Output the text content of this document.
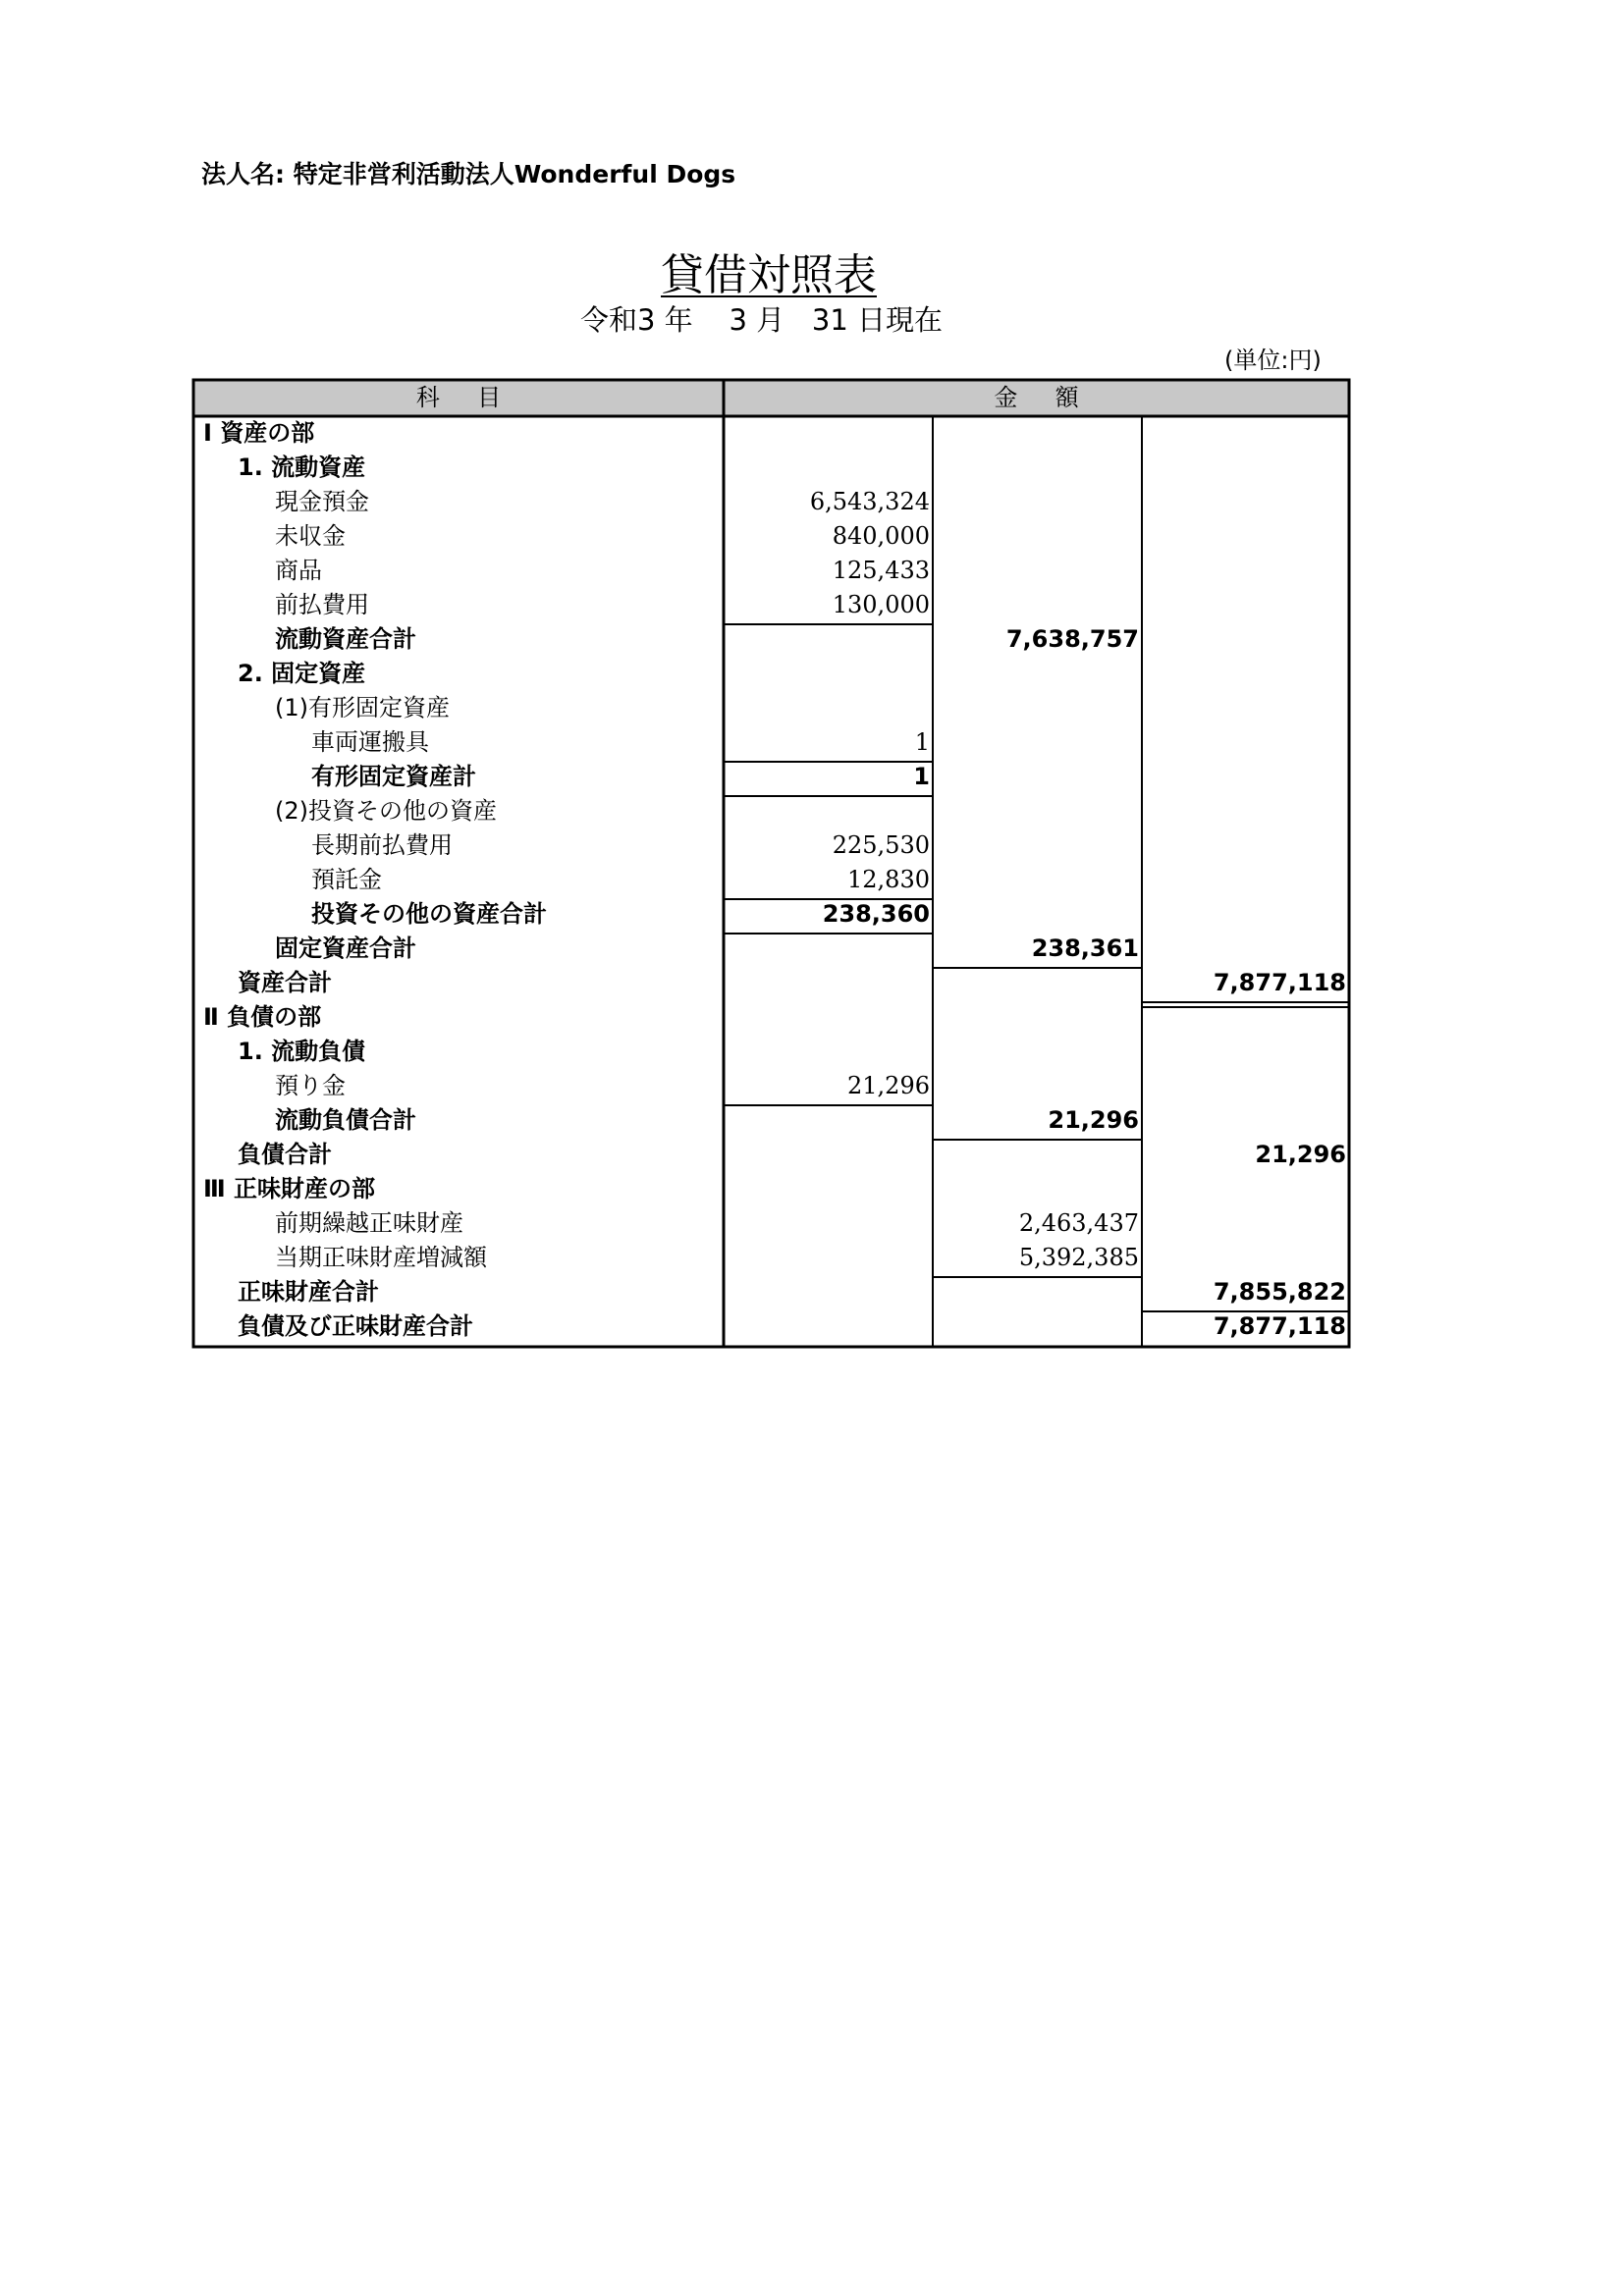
法人名: 特定非営利活動法人Wonderful Dogs
貸借対照表
令和3 年    3 月   31 日現在
(単位:円)
科     目	金     額
Ⅰ 資産の部
1. 流動資産
現金預金	6,543,324
未収金	840,000
商品	125,433
前払費用	130,000
流動資産合計	7,638,757
2. 固定資産
(1)有形固定資産
車両運搬具	1
有形固定資産計	1
(2)投資その他の資産
長期前払費用	225,530
預託金	12,830
投資その他の資産合計	238,360
固定資産合計	238,361
資産合計	7,877,118
Ⅱ 負債の部
1. 流動負債
預り金	21,296
流動負債合計	21,296
負債合計	21,296
Ⅲ 正味財産の部
前期繰越正味財産	2,463,437
当期正味財産増減額	5,392,385
正味財産合計	7,855,822
負債及び正味財産合計	7,877,118
